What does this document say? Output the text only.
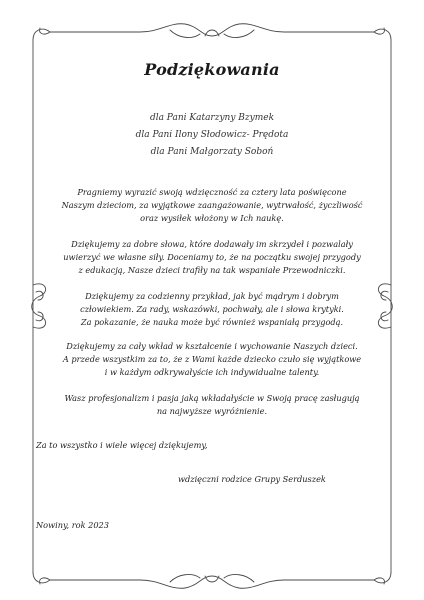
Podziękowania
dla Pani Katarzyny Bzymek
dla Pani Ilony Słodowicz- Prędota
dla Pani Małgorzaty Soboń
Pragniemy wyrazić swoją wdzięczność za cztery lata poświęcone
Naszym dzieciom, za wyjątkowe zaangażowanie, wytrwałość, życzliwość
oraz wysiłek włożony w Ich naukę.
Dziękujemy za dobre słowa, które dodawały im skrzydeł i pozwalały
uwierzyć we własne siły. Doceniamy to, że na początku swojej przygody
z edukacją, Nasze dzieci trafiły na tak wspaniałe Przewodniczki.
Dziękujemy za codzienny przykład, jak być mądrym i dobrym
człowiekiem. Za rady, wskazówki, pochwały, ale i słowa krytyki.
Za pokazanie, że nauka może być również wspaniałą przygodą.
Dziękujemy za cały wkład w kształcenie i wychowanie Naszych dzieci.
A przede wszystkim za to, że z Wami każde dziecko czuło się wyjątkowe
i w każdym odkrywałyście ich indywidualne talenty.
Wasz profesjonalizm i pasja jaką wkładałyście w Swoją pracę zasługują
na najwyższe wyróżnienie.
Za to wszystko i wiele więcej dziękujemy,
wdzięczni rodzice Grupy Serduszek
Nowiny, rok 2023
